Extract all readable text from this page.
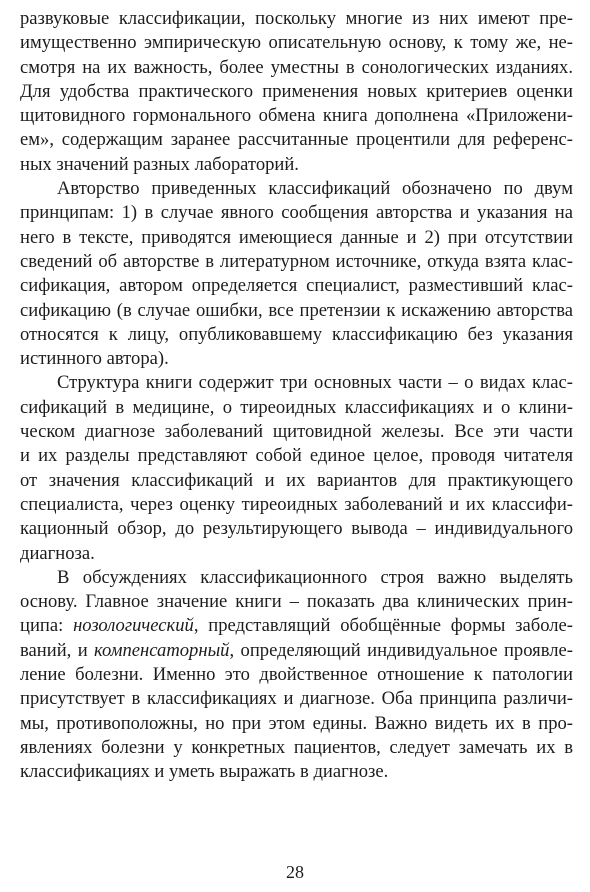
развуковые классификации, поскольку многие из них имеют пре-
имущественно эмпирическую описательную основу, к тому же, не-
смотря на их важность, более уместны в сонологических изданиях.
Для удобства практического применения новых критериев оценки
щитовидного гормонального обмена книга дополнена «Приложени-
ем», содержащим заранее рассчитанные процентили для референс-
ных значений разных лабораторий.

Авторство приведенных классификаций обозначено по двум
принципам: 1) в случае явного сообщения авторства и указания на
него в тексте, приводятся имеющиеся данные и 2) при отсутствии
сведений об авторстве в литературном источнике, откуда взята клас-
сификация, автором определяется специалист, разместивший клас-
сификацию (в случае ошибки, все претензии к искажению авторства
относятся к лицу, опубликовавшему классификацию без указания
истинного автора).

Структура книги содержит три основных части – о видах клас-
сификаций в медицине, о тиреоидных классификациях и о клини-
ческом диагнозе заболеваний щитовидной железы. Все эти части
и их разделы представляют собой единое целое, проводя читателя
от значения классификаций и их вариантов для практикующего
специалиста, через оценку тиреоидных заболеваний и их классифи-
кационный обзор, до результирующего вывода – индивидуального
диагноза.

В обсуждениях классификационного строя важно выделять
основу. Главное значение книги – показать два клинических прин-
ципа: нозологический, представлящий обобщённые формы заболе-
ваний, и компенсаторный, определяющий индивидуальное проявле-
ление болезни. Именно это двойственное отношение к патологии
присутствует в классификациях и диагнозе. Оба принципа различи-
мы, противоположны, но при этом едины. Важно видеть их в про-
явлениях болезни у конкретных пациентов, следует замечать их в
классификациях и уметь выражать в диагнозе.

28
